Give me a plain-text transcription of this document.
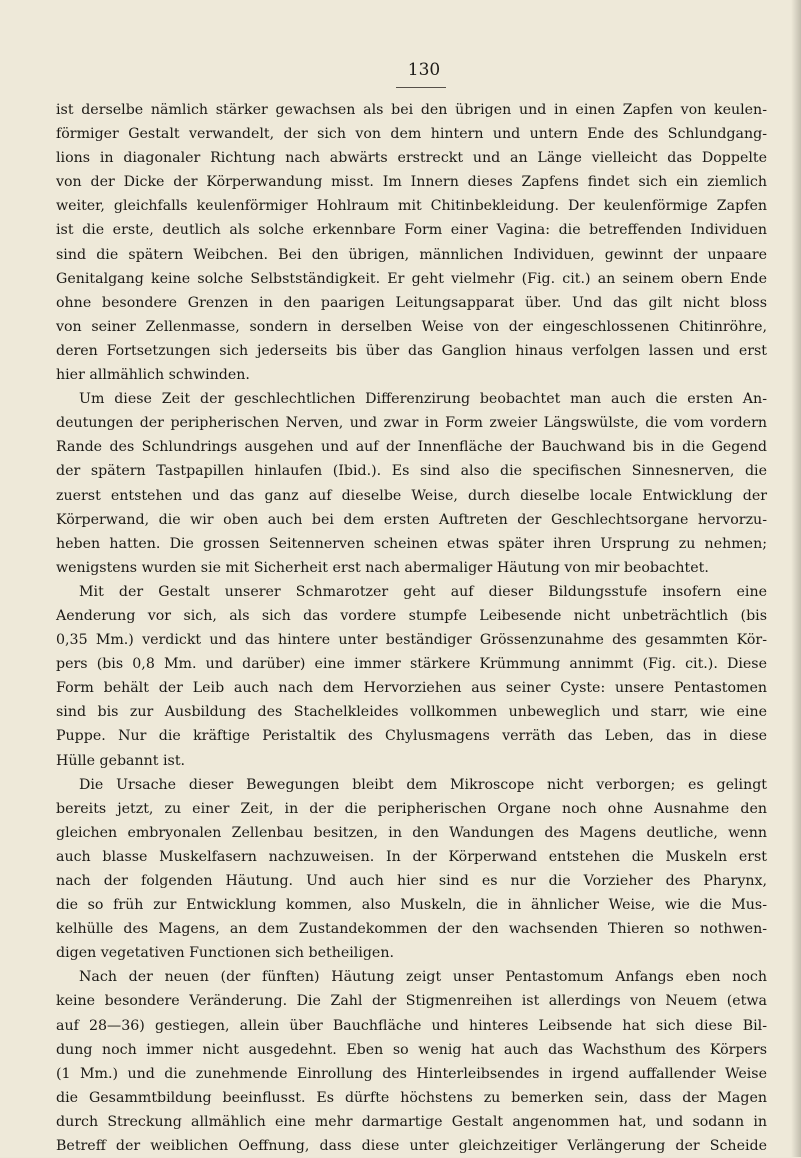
130
ist derselbe nämlich stärker gewachsen als bei den übrigen und in einen Zapfen von keulen-
förmiger Gestalt verwandelt, der sich von dem hintern und untern Ende des Schlundgang-
lions in diagonaler Richtung nach abwärts erstreckt und an Länge vielleicht das Doppelte
von der Dicke der Körperwandung misst. Im Innern dieses Zapfens findet sich ein ziemlich
weiter, gleichfalls keulenförmiger Hohlraum mit Chitinbekleidung. Der keulenförmige Zapfen
ist die erste, deutlich als solche erkennbare Form einer Vagina: die betreffenden Individuen
sind die spätern Weibchen. Bei den übrigen, männlichen Individuen, gewinnt der unpaare
Genitalgang keine solche Selbstständigkeit. Er geht vielmehr (Fig. cit.) an seinem obern Ende
ohne besondere Grenzen in den paarigen Leitungsapparat über. Und das gilt nicht bloss
von seiner Zellenmasse, sondern in derselben Weise von der eingeschlossenen Chitinröhre,
deren Fortsetzungen sich jederseits bis über das Ganglion hinaus verfolgen lassen und erst
hier allmählich schwinden.
Um diese Zeit der geschlechtlichen Differenzirung beobachtet man auch die ersten An-
deutungen der peripherischen Nerven, und zwar in Form zweier Längswülste, die vom vordern
Rande des Schlundrings ausgehen und auf der Innenfläche der Bauchwand bis in die Gegend
der spätern Tastpapillen hinlaufen (Ibid.). Es sind also die specifischen Sinnesnerven, die
zuerst entstehen und das ganz auf dieselbe Weise, durch dieselbe locale Entwicklung der
Körperwand, die wir oben auch bei dem ersten Auftreten der Geschlechtsorgane hervorzu-
heben hatten. Die grossen Seitennerven scheinen etwas später ihren Ursprung zu nehmen;
wenigstens wurden sie mit Sicherheit erst nach abermaliger Häutung von mir beobachtet.
Mit der Gestalt unserer Schmarotzer geht auf dieser Bildungsstufe insofern eine
Aenderung vor sich, als sich das vordere stumpfe Leibesende nicht unbeträchtlich (bis
0,35 Mm.) verdickt und das hintere unter beständiger Grössenzunahme des gesammten Kör-
pers (bis 0,8 Mm. und darüber) eine immer stärkere Krümmung annimmt (Fig. cit.). Diese
Form behält der Leib auch nach dem Hervorziehen aus seiner Cyste: unsere Pentastomen
sind bis zur Ausbildung des Stachelkleides vollkommen unbeweglich und starr, wie eine
Puppe. Nur die kräftige Peristaltik des Chylusmagens verräth das Leben, das in diese
Hülle gebannt ist.
Die Ursache dieser Bewegungen bleibt dem Mikroscope nicht verborgen; es gelingt
bereits jetzt, zu einer Zeit, in der die peripherischen Organe noch ohne Ausnahme den
gleichen embryonalen Zellenbau besitzen, in den Wandungen des Magens deutliche, wenn
auch blasse Muskelfasern nachzuweisen. In der Körperwand entstehen die Muskeln erst
nach der folgenden Häutung. Und auch hier sind es nur die Vorzieher des Pharynx,
die so früh zur Entwicklung kommen, also Muskeln, die in ähnlicher Weise, wie die Mus-
kelhülle des Magens, an dem Zustandekommen der den wachsenden Thieren so nothwen-
digen vegetativen Functionen sich betheiligen.
Nach der neuen (der fünften) Häutung zeigt unser Pentastomum Anfangs eben noch
keine besondere Veränderung. Die Zahl der Stigmenreihen ist allerdings von Neuem (etwa
auf 28—36) gestiegen, allein über Bauchfläche und hinteres Leibsende hat sich diese Bil-
dung noch immer nicht ausgedehnt. Eben so wenig hat auch das Wachsthum des Körpers
(1 Mm.) und die zunehmende Einrollung des Hinterleibsendes in irgend auffallender Weise
die Gesammtbildung beeinflusst. Es dürfte höchstens zu bemerken sein, dass der Magen
durch Streckung allmählich eine mehr darmartige Gestalt angenommen hat, und sodann in
Betreff der weiblichen Oeffnung, dass diese unter gleichzeitiger Verlängerung der Scheide
